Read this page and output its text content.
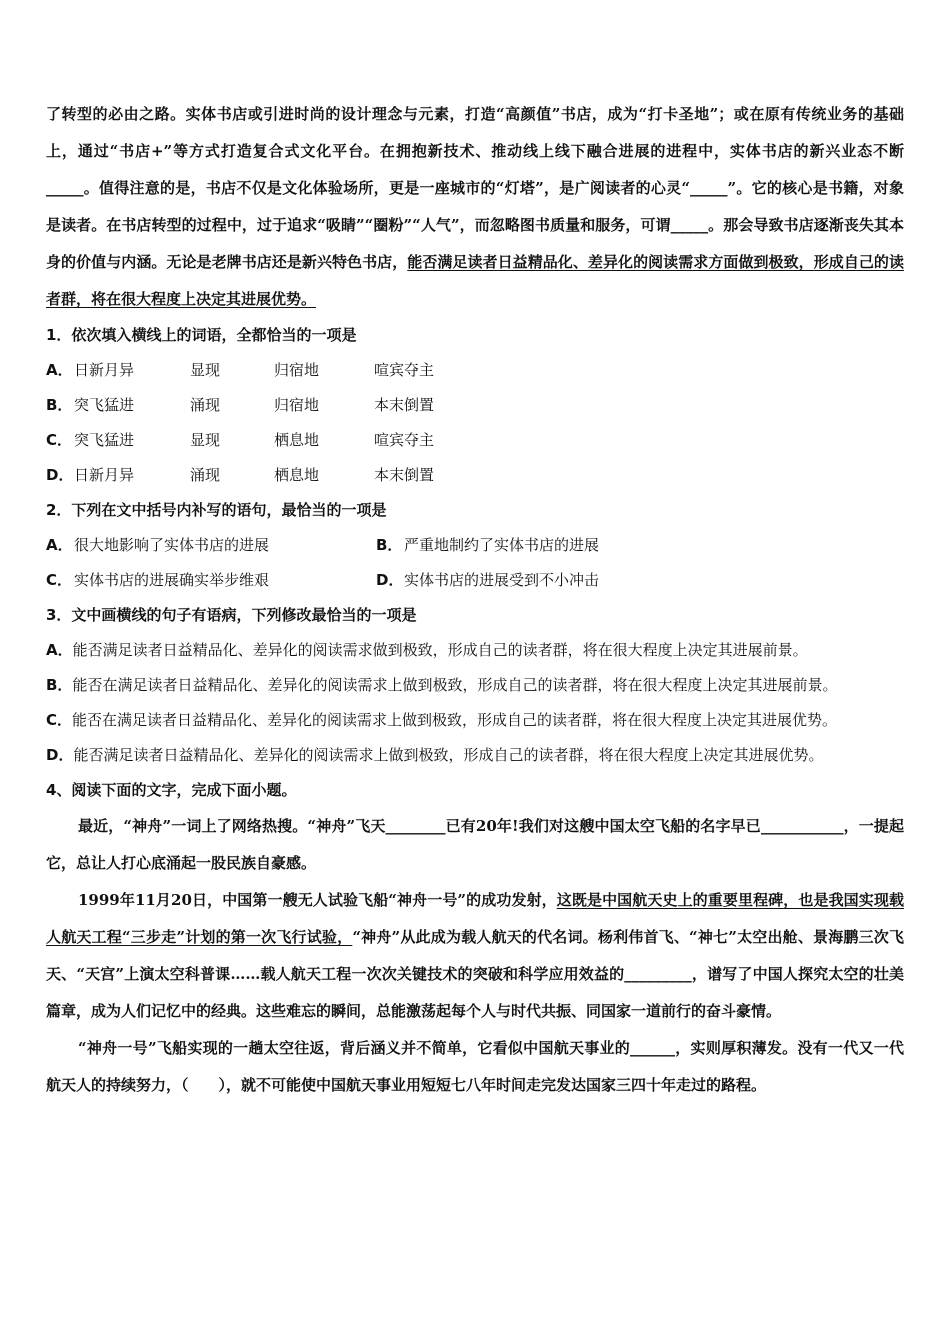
了转型的必由之路。实体书店或引进时尚的设计理念与元素，打造“高颜值”书店，成为“打卡圣地”；或在原有传统业务的基础上，通过“书店+”等方式打造复合式文化平台。在拥抱新技术、推动线上线下融合进展的进程中，实体书店的新兴业态不断_____。值得注意的是，书店不仅是文化体验场所，更是一座城市的“灯塔”，是广阅读者的心灵“_____”。它的核心是书籍，对象是读者。在书店转型的过程中，过于追求“吸睛”“圈粉”“人气”，而忽略图书质量和服务，可谓_____。那会导致书店逐渐丧失其本身的价值与内涵。无论是老牌书店还是新兴特色书店，能否满足读者日益精品化、差异化的阅读需求方面做到极致，形成自己的读者群，将在很大程度上决定其进展优势。

1．依次填入横线上的词语，全都恰当的一项是
A． 日新月异	显现	归宿地	喧宾夺主
B． 突飞猛进	涌现	归宿地	本末倒置
C． 突飞猛进	显现	栖息地	喧宾夺主
D． 日新月异	涌现	栖息地	本末倒置
2．下列在文中括号内补写的语句，最恰当的一项是
A． 很大地影响了实体书店的进展	B． 严重地制约了实体书店的进展
C． 实体书店的进展确实举步维艰	D． 实体书店的进展受到不小冲击
3．文中画横线的句子有语病，下列修改最恰当的一项是

A．能否满足读者日益精品化、差异化的阅读需求做到极致，形成自己的读者群，将在很大程度上决定其进展前景。

B．能否在满足读者日益精品化、差异化的阅读需求上做到极致，形成自己的读者群，将在很大程度上决定其进展前景。

C．能否在满足读者日益精品化、差异化的阅读需求上做到极致，形成自己的读者群，将在很大程度上决定其进展优势。

D．能否满足读者日益精品化、差异化的阅读需求上做到极致，形成自己的读者群，将在很大程度上决定其进展优势。

4、阅读下面的文字，完成下面小题。

最近，“神舟”一词上了网络热搜。“神舟”飞天________已有20年!我们对这艘中国太空飞船的名字早已___________，一提起它，总让人打心底涌起一股民族自豪感。

1999年11月20日，中国第一艘无人试验飞船“神舟一号”的成功发射，这既是中国航天史上的重要里程碑，也是我国实现载人航天工程“三步走”计划的第一次飞行试验，“神舟”从此成为载人航天的代名词。杨利伟首飞、“神七”太空出舱、景海鹏三次飞天、“天宫”上演太空科普课……载人航天工程一次次关键技术的突破和科学应用效益的_________，谱写了中国人探究太空的壮美篇章，成为人们记忆中的经典。这些难忘的瞬间，总能激荡起每个人与时代共振、同国家一道前行的奋斗豪情。

“神舟一号”飞船实现的一趟太空往返，背后涵义并不简单，它看似中国航天事业的______，实则厚积薄发。没有一代又一代航天人的持续努力，（　　），就不可能使中国航天事业用短短七八年时间走完发达国家三四十年走过的路程。
